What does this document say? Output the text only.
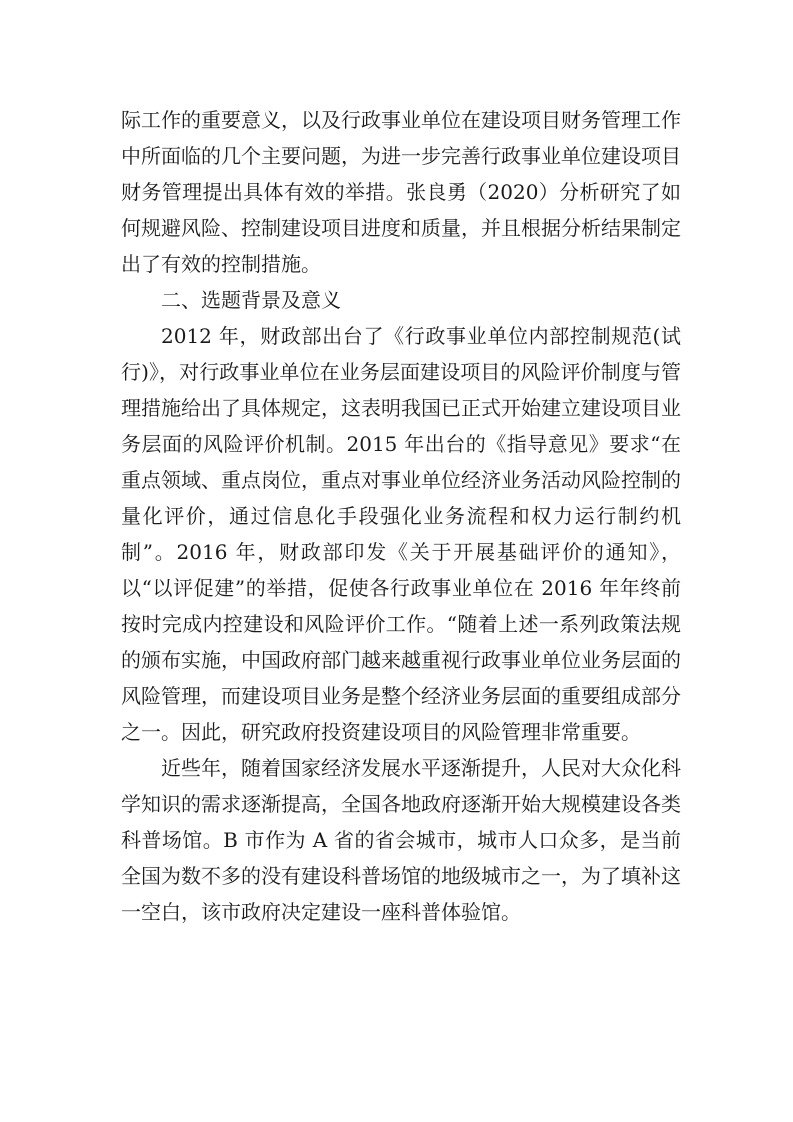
际工作的重要意义，以及行政事业单位在建设项目财务管理工作中所面临的几个主要问题，为进一步完善行政事业单位建设项目财务管理提出具体有效的举措。张良勇（2020）分析研究了如何规避风险、控制建设项目进度和质量，并且根据分析结果制定出了有效的控制措施。

二、选题背景及意义

2012 年，财政部出台了《行政事业单位内部控制规范(试行)》，对行政事业单位在业务层面建设项目的风险评价制度与管理措施给出了具体规定，这表明我国已正式开始建立建设项目业务层面的风险评价机制。2015 年出台的《指导意见》要求“在重点领域、重点岗位，重点对事业单位经济业务活动风险控制的量化评价，通过信息化手段强化业务流程和权力运行制约机制”。2016 年，财政部印发《关于开展基础评价的通知》，以“以评促建”的举措，促使各行政事业单位在 2016 年年终前按时完成内控建设和风险评价工作。“随着上述一系列政策法规的颁布实施，中国政府部门越来越重视行政事业单位业务层面的风险管理，而建设项目业务是整个经济业务层面的重要组成部分之一。因此，研究政府投资建设项目的风险管理非常重要。

近些年，随着国家经济发展水平逐渐提升，人民对大众化科学知识的需求逐渐提高，全国各地政府逐渐开始大规模建设各类科普场馆。B 市作为 A 省的省会城市，城市人口众多，是当前全国为数不多的没有建设科普场馆的地级城市之一，为了填补这一空白，该市政府决定建设一座科普体验馆。
